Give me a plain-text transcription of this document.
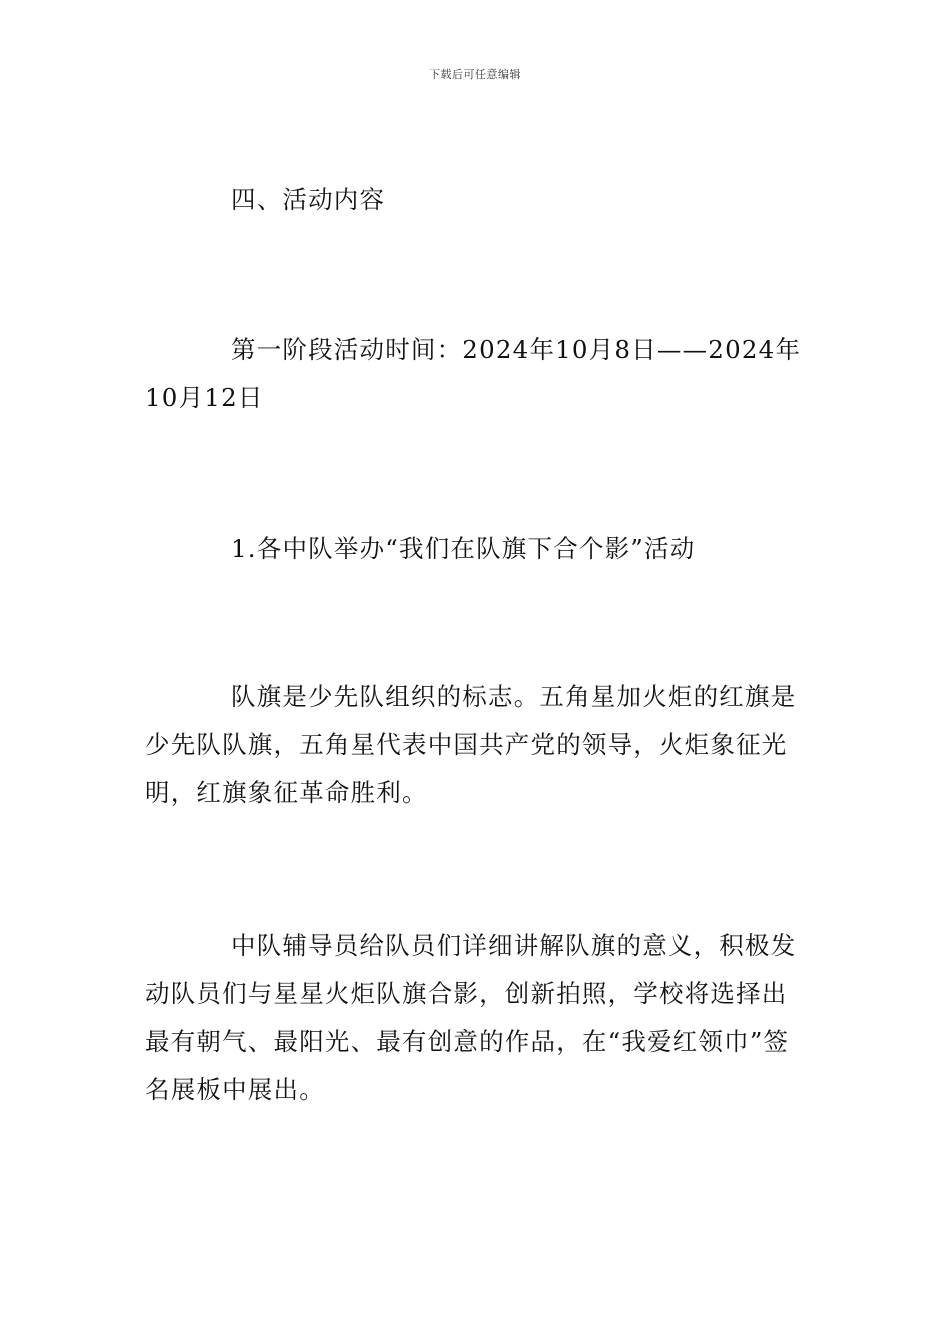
下载后可任意编辑

四、活动内容

第一阶段活动时间：2024年10月8日——2024年10月12日

1.各中队举办“我们在队旗下合个影”活动

队旗是少先队组织的标志。五角星加火炬的红旗是少先队队旗，五角星代表中国共产党的领导，火炬象征光明，红旗象征革命胜利。

中队辅导员给队员们详细讲解队旗的意义，积极发动队员们与星星火炬队旗合影，创新拍照，学校将选择出最有朝气、最阳光、最有创意的作品，在“我爱红领巾”签名展板中展出。
